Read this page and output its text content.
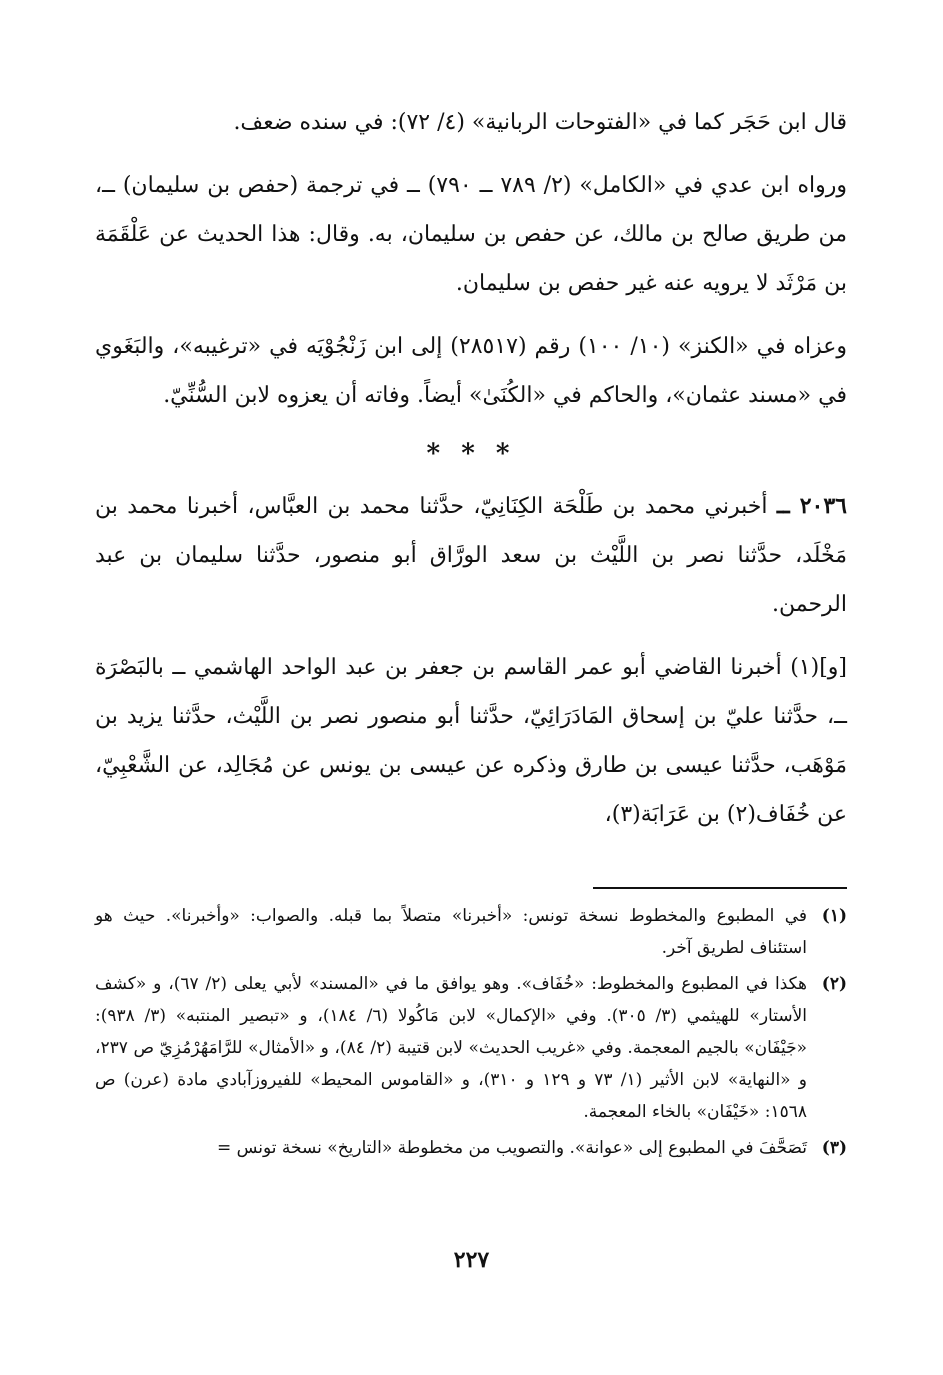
قال ابن حَجَر كما في «الفتوحات الربانية» (٤/ ٧٢): في سنده ضعف.

ورواه ابن عدي في «الكامل» (٢/ ٧٨٩ ــ ٧٩٠) ــ في ترجمة (حفص بن سليمان) ــ، من طريق صالح بن مالك، عن حفص بن سليمان، به. وقال: هذا الحديث عن عَلْقَمَة بن مَرْثَد لا يرويه عنه غير حفص بن سليمان.

وعزاه في «الكنز» (١٠/ ١٠٠) رقم (٢٨٥١٧) إلى ابن زَنْجُوْيَه في «ترغيبه»، والبَغَوي في «مسند عثمان»، والحاكم في «الكُنَىٰ» أيضاً. وفاته أن يعزوه لابن السُّنِّيّ.

* * *

٢٠٣٦ ــ أخبرني محمد بن طَلْحَة الكِنَانِيّ، حدَّثنا محمد بن العبَّاس، أخبرنا محمد بن مَخْلَد، حدَّثنا نصر بن اللَّيْث بن سعد الورَّاق أبو منصور، حدَّثنا سليمان بن عبد الرحمن.

[و](١) أخبرنا القاضي أبو عمر القاسم بن جعفر بن عبد الواحد الهاشمي ــ بالبَصْرَة ــ، حدَّثنا عليّ بن إسحاق المَادَرَائِيّ، حدَّثنا أبو منصور نصر بن اللَّيْث، حدَّثنا يزيد بن مَوْهَب، حدَّثنا عيسى بن طارق وذكره عن عيسى بن يونس عن مُجَالِد، عن الشَّعْبِيّ، عن خُفَاف(٢) بن عَرَابَة(٣)،

(١)
في المطبوع والمخطوط نسخة تونس: «أخبرنا» متصلاً بما قبله. والصواب: «وأخبرنا». حيث هو استئناف لطريق آخر.
(٢)
هكذا في المطبوع والمخطوط: «خُفَاف». وهو يوافق ما في «المسند» لأبي يعلى (٢/ ٦٧)، و «كشف الأستار» للهيثمي (٣/ ٣٠٥). وفي «الإكمال» لابن مَاكُولا (٦/ ١٨٤)، و «تبصير المنتبه» (٣/ ٩٣٨): «جَيْفَان» بالجيم المعجمة. وفي «غريب الحديث» لابن قتيبة (٢/ ٨٤)، و «الأمثال» للرَّامَهُرْمُزِيّ ص ٢٣٧، و «النهاية» لابن الأثير (١/ ٧٣ و ١٢٩ و ٣١٠)، و «القاموس المحيط» للفيروزآبادي مادة (عرن) ص ١٥٦٨: «خَيْفَان» بالخاء المعجمة.
(٣)
تَصَحَّفَ في المطبوع إلى «عوانة». والتصويب من مخطوطة «التاريخ» نسخة تونس =
٢٢٧
